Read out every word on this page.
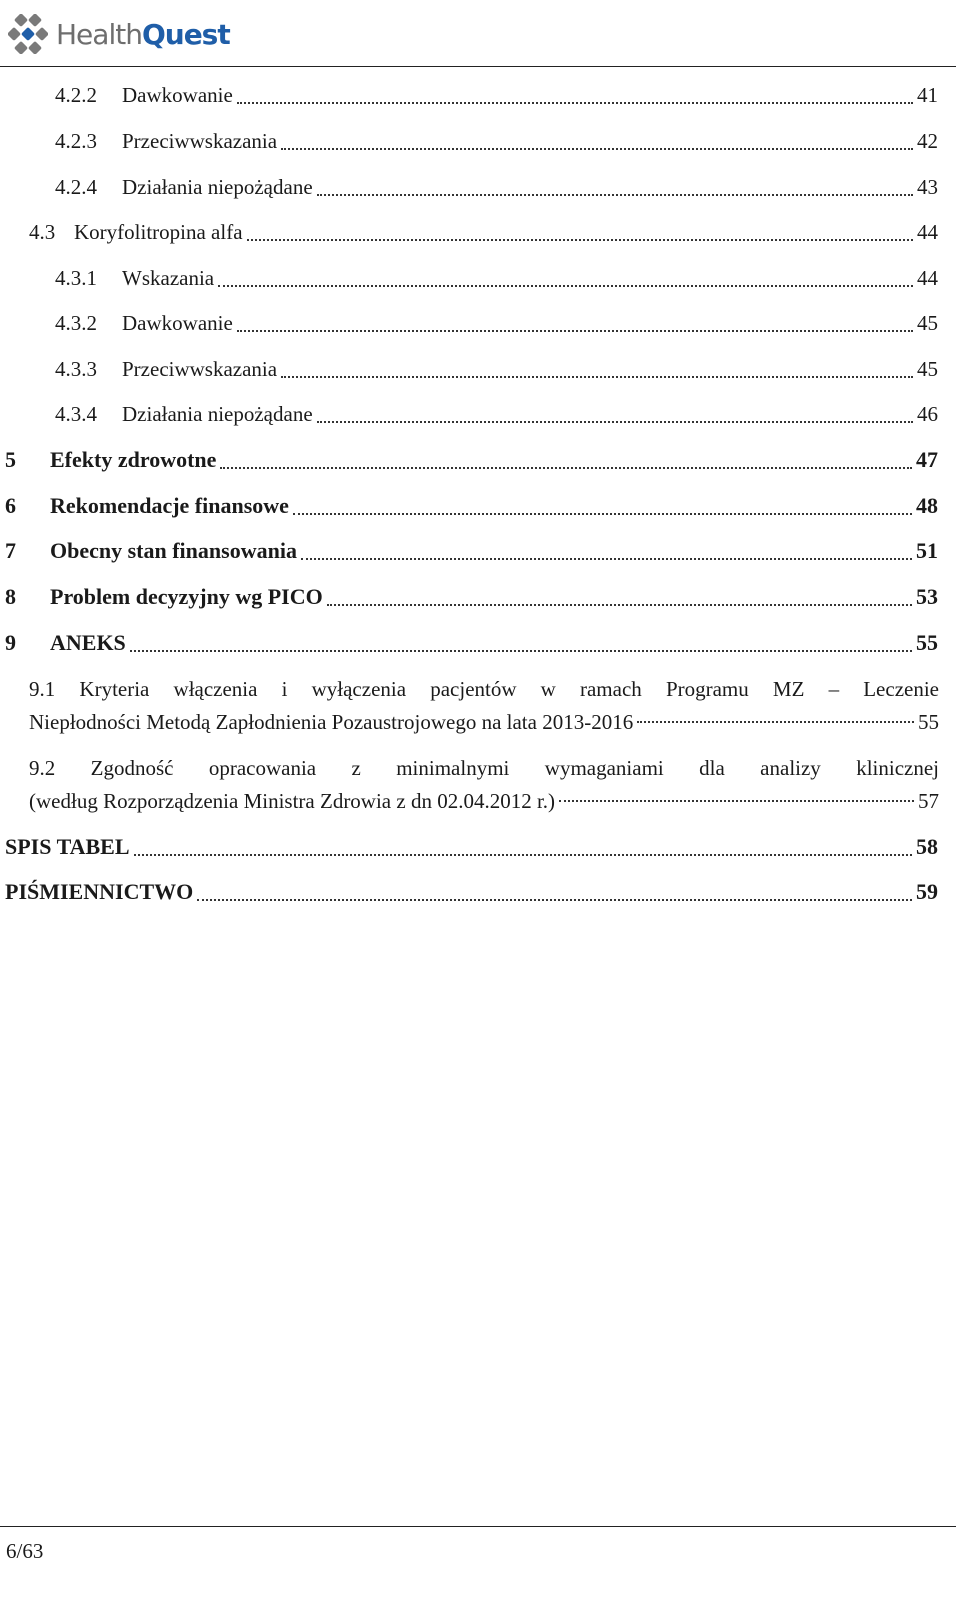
HealthQuest
4.2.2	Dawkowanie	41
4.2.3	Przeciwwskazania	42
4.2.4	Działania niepożądane	43
4.3 Koryfolitropina alfa	44
4.3.1	Wskazania	44
4.3.2	Dawkowanie	45
4.3.3	Przeciwwskazania	45
4.3.4	Działania niepożądane	46
5	Efekty zdrowotne	47
6	Rekomendacje finansowe	48
7	Obecny stan finansowania	51
8	Problem decyzyjny wg PICO	53
9	ANEKS	55
9.1 Kryteria włączenia i wyłączenia pacjentów w ramach Programu MZ – Leczenie
Niepłodności Metodą Zapłodnienia Pozaustrojowego na lata 2013-2016	55
9.2 Zgodność opracowania z minimalnymi wymaganiami dla analizy klinicznej
(według Rozporządzenia Ministra Zdrowia z dn 02.04.2012 r.)	57
SPIS TABEL	58
PIŚMIENNICTWO	59
6/63
